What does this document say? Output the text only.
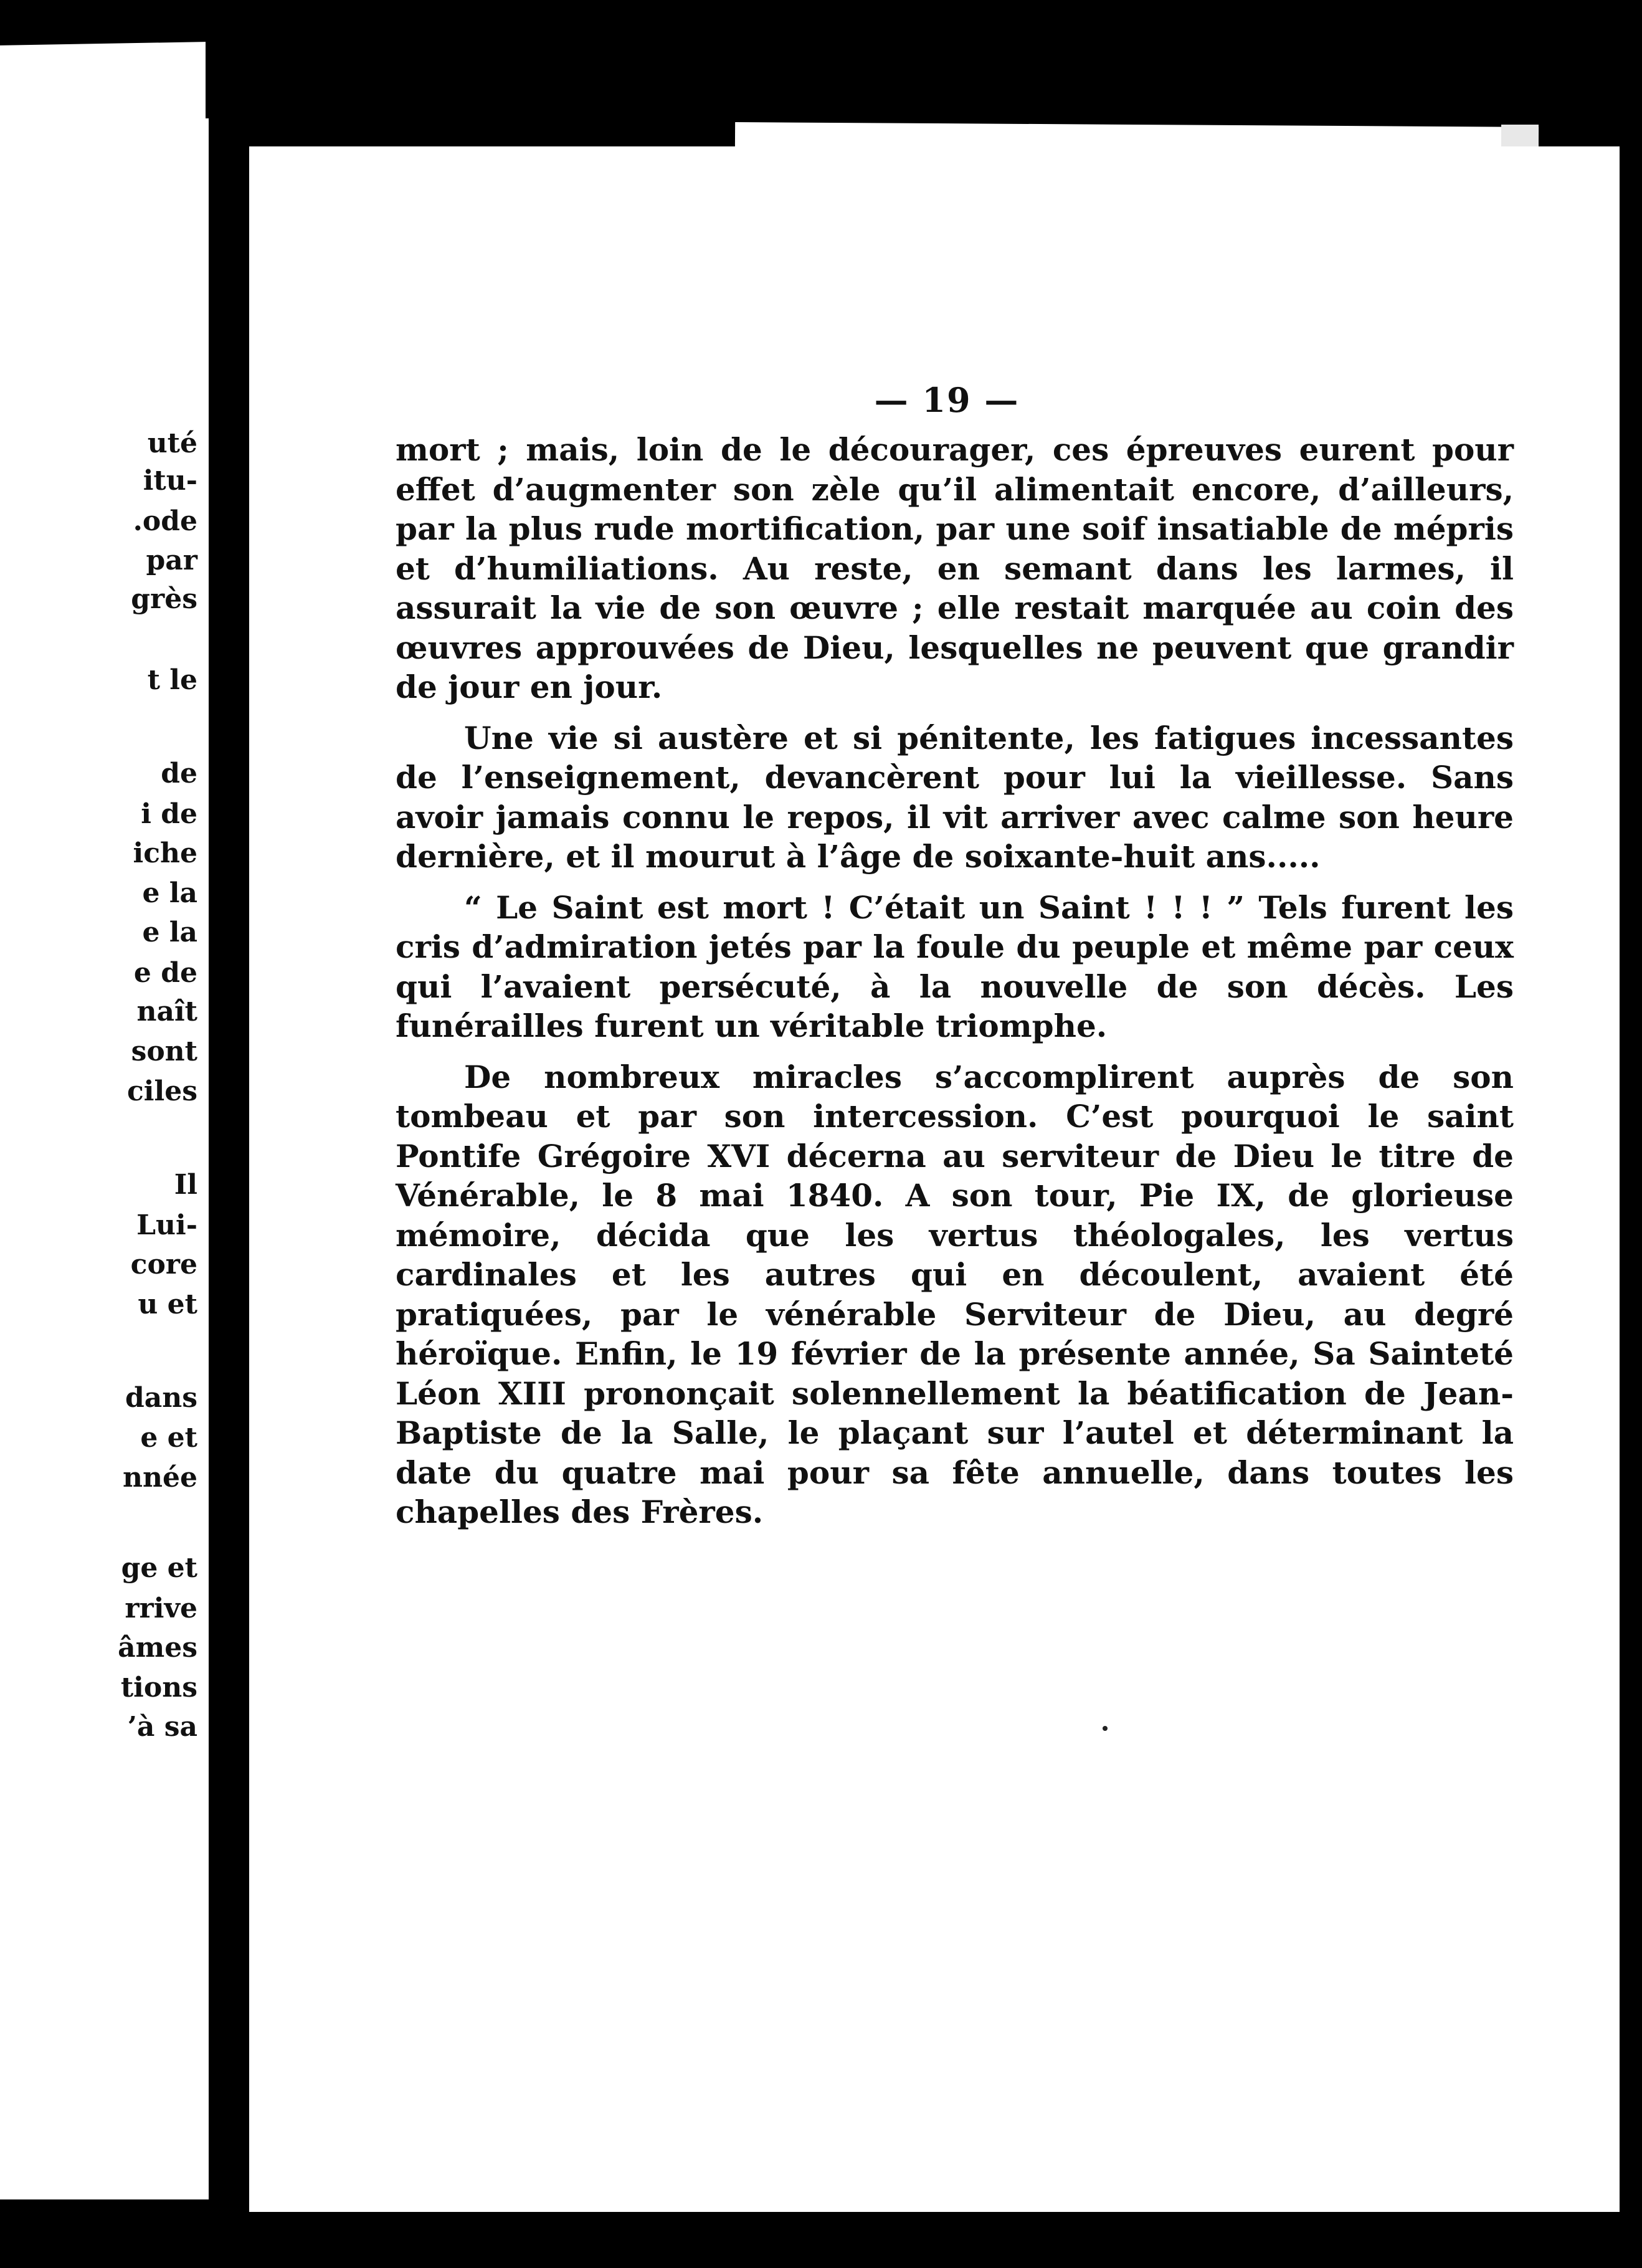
uté
itu-
.ode
par
grès
t le
de
i de
iche
e la
e la
e de
naît
sont
ciles
Il
Lui-
core
u et
dans
e et
nnée
ge et
rrive
âmes
tions
’à sa
— 19 —

mort ; mais, loin de le décourager, ces épreuves eurent pour effet d’augmenter son zèle qu’il alimentait encore, d’ailleurs, par la plus rude mortification, par une soif insatiable de mépris et d’humiliations. Au reste, en semant dans les larmes, il assurait la vie de son œuvre ; elle restait marquée au coin des œuvres approuvées de Dieu, lesquelles ne peuvent que grandir de jour en jour.

Une vie si austère et si pénitente, les fatigues incessantes de l’enseignement, devancèrent pour lui la vieillesse. Sans avoir jamais connu le repos, il vit arriver avec calme son heure dernière, et il mourut à l’âge de soixante-huit ans.....

“ Le Saint est mort ! C’était un Saint ! ! ! ” Tels furent les cris d’admiration jetés par la foule du peuple et même par ceux qui l’avaient persécuté, à la nouvelle de son décès. Les funérailles furent un véritable triomphe.

De nombreux miracles s’accomplirent auprès de son tombeau et par son intercession. C’est pourquoi le saint Pontife Grégoire XVI décerna au serviteur de Dieu le titre de Vénérable, le 8 mai 1840. A son tour, Pie IX, de glorieuse mémoire, décida que les vertus théologales, les vertus cardinales et les autres qui en découlent, avaient été pratiquées, par le vénérable Serviteur de Dieu, au degré héroïque. Enfin, le 19 février de la présente année, Sa Sainteté Léon XIII prononçait solennellement la béatification de Jean-Baptiste de la Salle, le plaçant sur l’autel et déterminant la date du quatre mai pour sa fête annuelle, dans toutes les chapelles des Frères.
